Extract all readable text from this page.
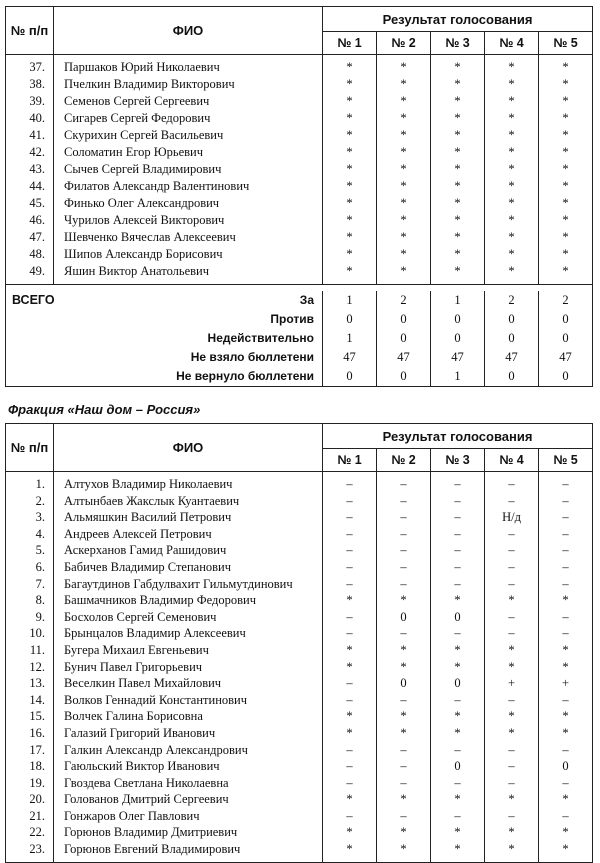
№ п/п	ФИО	Результат голосования				
		№ 1	№ 2	№ 3	№ 4	№ 5
37.	Паршаков Юрий Николаевич	*	*	*	*	*
38.	Пчелкин Владимир Викторович	*	*	*	*	*
39.	Семенов Сергей Сергеевич	*	*	*	*	*
40.	Сигарев Сергей Федорович	*	*	*	*	*
41.	Скурихин Сергей Васильевич	*	*	*	*	*
42.	Соломатин Егор Юрьевич	*	*	*	*	*
43.	Сычев Сергей Владимирович	*	*	*	*	*
44.	Филатов Александр Валентинович	*	*	*	*	*
45.	Финько Олег Александрович	*	*	*	*	*
46.	Чурилов Алексей Викторович	*	*	*	*	*
47.	Шевченко Вячеслав Алексеевич	*	*	*	*	*
48.	Шипов Александр Борисович	*	*	*	*	*
49.	Яшин Виктор Анатольевич	*	*	*	*	*

ВСЕГО	За	1	2	1	2	2
	Против	0	0	0	0	0
	Недействительно	1	0	0	0	0
	Не взяло бюллетени	47	47	47	47	47
	Не вернуло бюллетени	0	0	1	0	0
Фракция «Наш дом – Россия»
№ п/п	ФИО	Результат голосования				
		№ 1	№ 2	№ 3	№ 4	№ 5
1.	Алтухов Владимир Николаевич	–	–	–	–	–
2.	Алтынбаев Жакслык Куантаевич	–	–	–	–	–
3.	Альмяшкин Василий Петрович	–	–	–	Н/д	–
4.	Андреев Алексей Петрович	–	–	–	–	–
5.	Аскерханов Гамид Рашидович	–	–	–	–	–
6.	Бабичев Владимир Степанович	–	–	–	–	–
7.	Багаутдинов Габдулвахит Гильмутдинович	–	–	–	–	–
8.	Башмачников Владимир Федорович	*	*	*	*	*
9.	Босхолов Сергей Семенович	–	0	0	–	–
10.	Брынцалов Владимир Алексеевич	–	–	–	–	–
11.	Бугера Михаил Евгеньевич	*	*	*	*	*
12.	Бунич Павел Григорьевич	*	*	*	*	*
13.	Веселкин Павел Михайлович	–	0	0	+	+
14.	Волков Геннадий Константинович	–	–	–	–	–
15.	Волчек Галина Борисовна	*	*	*	*	*
16.	Галазий Григорий Иванович	*	*	*	*	*
17.	Галкин Александр Александрович	–	–	–	–	–
18.	Гаюльский Виктор Иванович	–	–	0	–	0
19.	Гвоздева Светлана Николаевна	–	–	–	–	–
20.	Голованов Дмитрий Сергеевич	*	*	*	*	*
21.	Гонжаров Олег Павлович	–	–	–	–	–
22.	Горюнов Владимир Дмитриевич	*	*	*	*	*
23.	Горюнов Евгений Владимирович	*	*	*	*	*
